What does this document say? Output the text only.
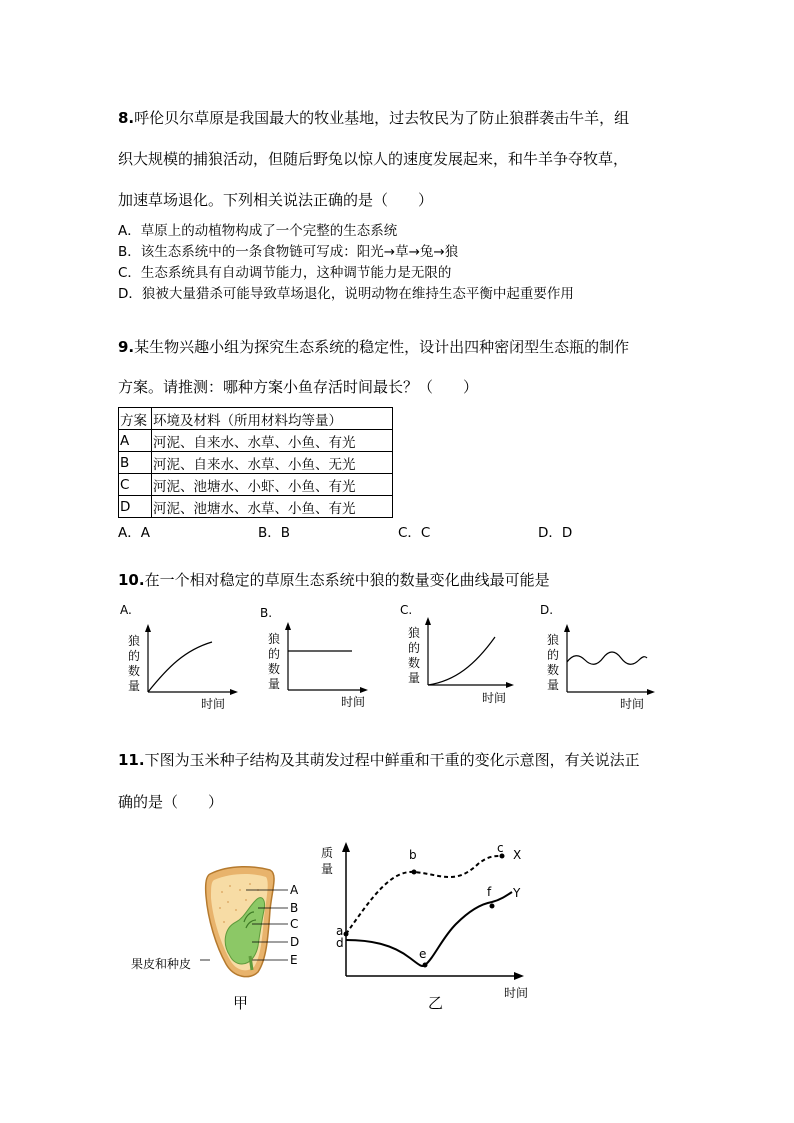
8.呼伦贝尔草原是我国最大的牧业基地，过去牧民为了防止狼群袭击牛羊，组
织大规模的捕狼活动，但随后野兔以惊人的速度发展起来，和牛羊争夺牧草，
加速草场退化。下列相关说法正确的是（　　）
A．草原上的动植物构成了一个完整的生态系统
B．该生态系统中的一条食物链可写成：阳光→草→兔→狼
C．生态系统具有自动调节能力，这种调节能力是无限的
D．狼被大量猎杀可能导致草场退化，说明动物在维持生态平衡中起重要作用
9.某生物兴趣小组为探究生态系统的稳定性，设计出四种密闭型生态瓶的制作
方案。请推测：哪种方案小鱼存活时间最长？（　　）
方案	环境及材料（所用材料均等量）
A	河泥、自来水、水草、小鱼、有光
B	河泥、自来水、水草、小鱼、无光
C	河泥、池塘水、小虾、小鱼、有光
D	河泥、池塘水、水草、小鱼、有光
A．A	B．B	C．C	D．D
10.在一个相对稳定的草原生态系统中狼的数量变化曲线最可能是
A.
狼
的
数
量
时间
B.
狼
的
数
量
时间
C.
狼
的
数
量
时间
D.
狼
的
数
量
时间
11.下图为玉米种子结构及其萌发过程中鲜重和干重的变化示意图，有关说法正
确的是（　　）
A
B
C
D
E
果皮和种皮
甲
质
量
a
b	c
d
e
f
X
Y
时间
乙
